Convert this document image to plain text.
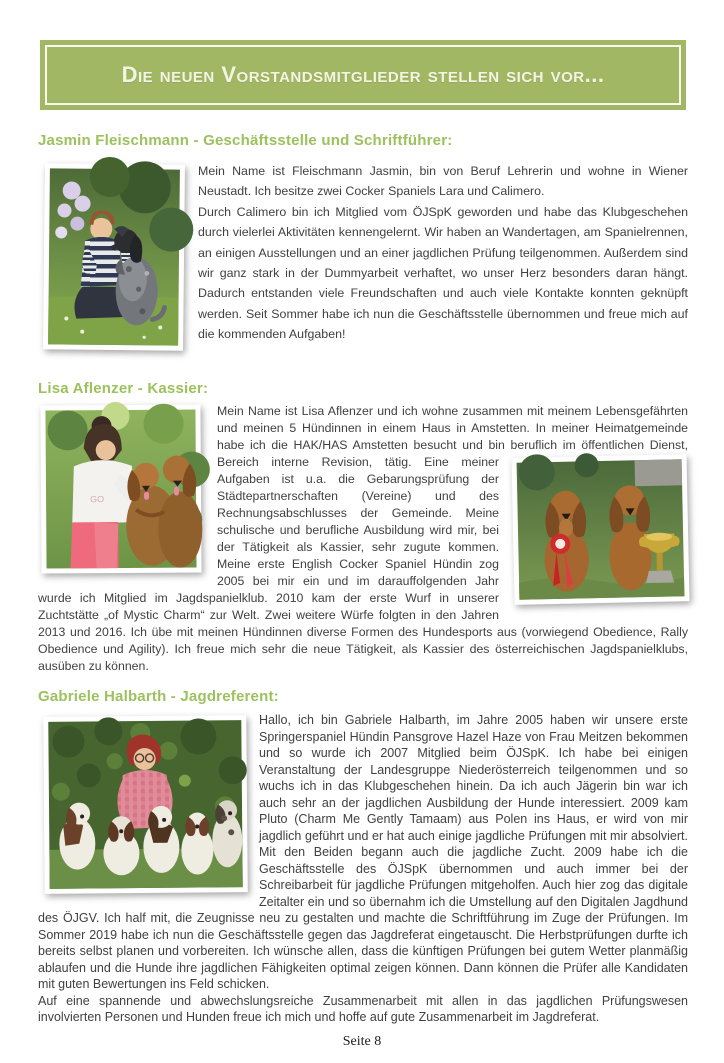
Die neuen Vorstandsmitglieder stellen sich vor...
Jasmin Fleischmann - Geschäftsstelle und Schriftführer:

Mein Name ist Fleischmann Jasmin, bin von Beruf Lehrerin und wohne in Wiener Neustadt. Ich besitze zwei Cocker Spaniels Lara und Calimero.

Durch Calimero bin ich Mitglied vom ÖJSpK geworden und habe das Klubgeschehen durch vielerlei Aktivitäten kennengelernt. Wir haben an Wandertagen, am Spanielrennen, an einigen Ausstellungen und an einer jagdlichen Prüfung teilgenommen. Außerdem sind wir ganz stark in der Dummyarbeit verhaftet, wo unser Herz besonders daran hängt. Dadurch entstanden viele Freundschaften und auch viele Kontakte konnten geknüpft werden. Seit Sommer habe ich nun die Geschäftsstelle übernommen und freue mich auf die kommenden Aufgaben!

Lisa Aflenzer - Kassier:
GO
Mein Name ist Lisa Aflenzer und ich wohne zusammen mit meinem Lebensgefährten und meinen 5 Hündinnen in einem Haus in Amstetten. In meiner Heimatgemeinde habe ich die HAK/HAS Amstetten besucht und bin beruflich im öffentlichen Dienst, Bereich interne Revision, tätig. Eine meiner Aufgaben ist u.a. die Gebarungsprüfung der Städtepartnerschaften (Vereine) und des Rechnungsabschlusses der Gemeinde. Meine schulische und berufliche Ausbildung wird mir, bei der Tätigkeit als Kassier, sehr zugute kommen. Meine erste English Cocker Spaniel Hündin zog 2005 bei mir ein und im darauffolgenden Jahr wurde ich Mitglied im Jagdspanielklub. 2010 kam der erste Wurf in unserer Zuchtstätte „of Mystic Charm“ zur Welt. Zwei weitere Würfe folgten in den Jahren 2013 und 2016. Ich übe mit meinen Hündinnen diverse Formen des Hundesports aus (vorwiegend Obedience, Rally Obedience und Agility). Ich freue mich sehr die neue Tätigkeit, als Kassier des österreichischen Jagdspanielklubs, ausüben zu können.
Gabriele Halbarth - Jagdreferent:

Hallo, ich bin Gabriele Halbarth, im Jahre 2005 haben wir unsere erste Springerspaniel Hündin Pansgrove Hazel Haze von Frau Meitzen bekommen und so wurde ich 2007 Mitglied beim ÖJSpK. Ich habe bei einigen Veranstaltung der Landesgruppe Niederösterreich teilgenommen und so wuchs ich in das Klubgeschehen hinein. Da ich auch Jägerin bin war ich auch sehr an der jagdlichen Ausbildung der Hunde interessiert. 2009 kam Pluto (Charm Me Gently Tamaam) aus Polen ins Haus, er wird von mir jagdlich geführt und er hat auch einige jagdliche Prüfungen mit mir absolviert. Mit den Beiden begann auch die jagdliche Zucht. 2009 habe ich die Geschäftsstelle des ÖJSpK übernommen und auch immer bei der Schreibarbeit für jagdliche Prüfungen mitgeholfen. Auch hier zog das digitale Zeitalter ein und so übernahm ich die Umstellung auf den Digitalen Jagdhund des ÖJGV. Ich half mit, die Zeugnisse neu zu gestalten und machte die Schriftführung im Zuge der Prüfungen. Im Sommer 2019 habe ich nun die Geschäftsstelle gegen das Jagdreferat eingetauscht. Die Herbstprüfungen durfte ich bereits selbst planen und vorbereiten. Ich wünsche allen, dass die künftigen Prüfungen bei gutem Wetter planmäßig ablaufen und die Hunde ihre jagdlichen Fähigkeiten optimal zeigen können. Dann können die Prüfer alle Kandidaten mit guten Bewertungen ins Feld schicken.

Auf eine spannende und abwechslungsreiche Zusammenarbeit mit allen in das jagdlichen Prüfungswesen involvierten Personen und Hunden freue ich mich und hoffe auf gute Zusammenarbeit im Jagdreferat.

Seite 8
